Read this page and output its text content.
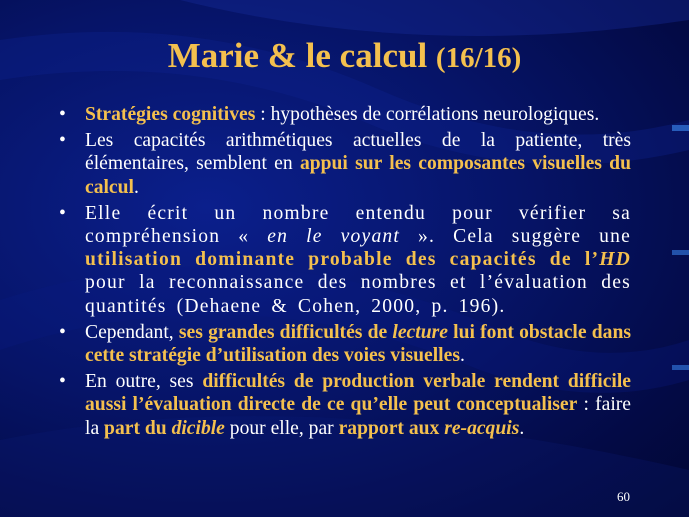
Marie & le calcul (16/16)
• Stratégies cognitives : hypothèses de corrélations neurologiques.
• Les capacités arithmétiques actuelles de la patiente, très élémentaires, semblent en appui sur les composantes visuelles du calcul.
• Elle écrit un nombre entendu pour vérifier sa compréhension « en le voyant ». Cela suggère une utilisation dominante probable des capacités de l’HD pour la reconnaissance des nombres et l’évaluation des quantités (Dehaene & Cohen, 2000, p. 196).
• Cependant, ses grandes difficultés de lecture lui font obstacle dans cette stratégie d’utilisation des voies visuelles.
• En outre, ses difficultés de production verbale rendent difficile aussi l’évaluation directe de ce qu’elle peut conceptualiser : faire la part du dicible pour elle, par rapport aux re-acquis.
60
